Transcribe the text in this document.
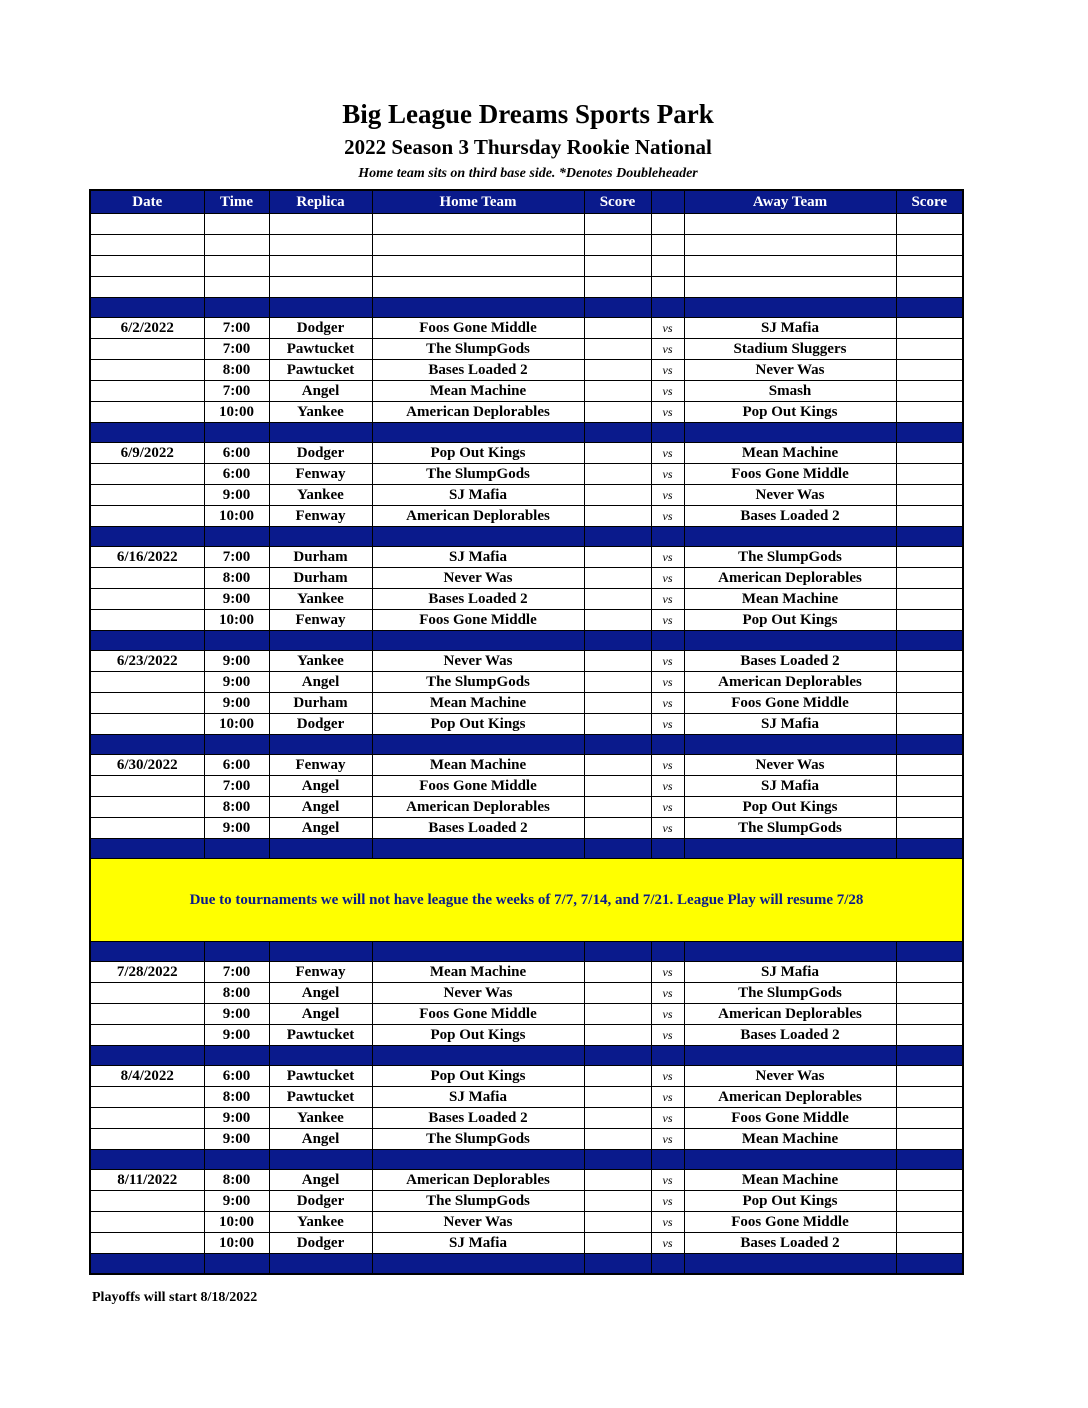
Big League Dreams Sports Park
2022 Season 3 Thursday Rookie National
Home team sits on third base side. *Denotes Doubleheader
Date	Time	Replica	Home Team	Score		Away Team	Score

6/2/2022	7:00	Dodger	Foos Gone Middle		vs	SJ Mafia	
	7:00	Pawtucket	The SlumpGods		vs	Stadium Sluggers	
	8:00	Pawtucket	Bases Loaded 2		vs	Never Was	
	7:00	Angel	Mean Machine		vs	Smash	
	10:00	Yankee	American Deplorables		vs	Pop Out Kings	

6/9/2022	6:00	Dodger	Pop Out Kings		vs	Mean Machine	
	6:00	Fenway	The SlumpGods		vs	Foos Gone Middle	
	9:00	Yankee	SJ Mafia		vs	Never Was	
	10:00	Fenway	American Deplorables		vs	Bases Loaded 2	

6/16/2022	7:00	Durham	SJ Mafia		vs	The SlumpGods	
	8:00	Durham	Never Was		vs	American Deplorables	
	9:00	Yankee	Bases Loaded 2		vs	Mean Machine	
	10:00	Fenway	Foos Gone Middle		vs	Pop Out Kings	

6/23/2022	9:00	Yankee	Never Was		vs	Bases Loaded 2	
	9:00	Angel	The SlumpGods		vs	American Deplorables	
	9:00	Durham	Mean Machine		vs	Foos Gone Middle	
	10:00	Dodger	Pop Out Kings		vs	SJ Mafia	

6/30/2022	6:00	Fenway	Mean Machine		vs	Never Was	
	7:00	Angel	Foos Gone Middle		vs	SJ Mafia	
	8:00	Angel	American Deplorables		vs	Pop Out Kings	
	9:00	Angel	Bases Loaded 2		vs	The SlumpGods	

Due to tournaments we will not have league the weeks of 7/7, 7/14, and 7/21. League Play will resume 7/28							

7/28/2022	7:00	Fenway	Mean Machine		vs	SJ Mafia	
	8:00	Angel	Never Was		vs	The SlumpGods	
	9:00	Angel	Foos Gone Middle		vs	American Deplorables	
	9:00	Pawtucket	Pop Out Kings		vs	Bases Loaded 2	

8/4/2022	6:00	Pawtucket	Pop Out Kings		vs	Never Was	
	8:00	Pawtucket	SJ Mafia		vs	American Deplorables	
	9:00	Yankee	Bases Loaded 2		vs	Foos Gone Middle	
	9:00	Angel	The SlumpGods		vs	Mean Machine	

8/11/2022	8:00	Angel	American Deplorables		vs	Mean Machine	
	9:00	Dodger	The SlumpGods		vs	Pop Out Kings	
	10:00	Yankee	Never Was		vs	Foos Gone Middle	
	10:00	Dodger	SJ Mafia		vs	Bases Loaded 2	

Playoffs will start 8/18/2022
